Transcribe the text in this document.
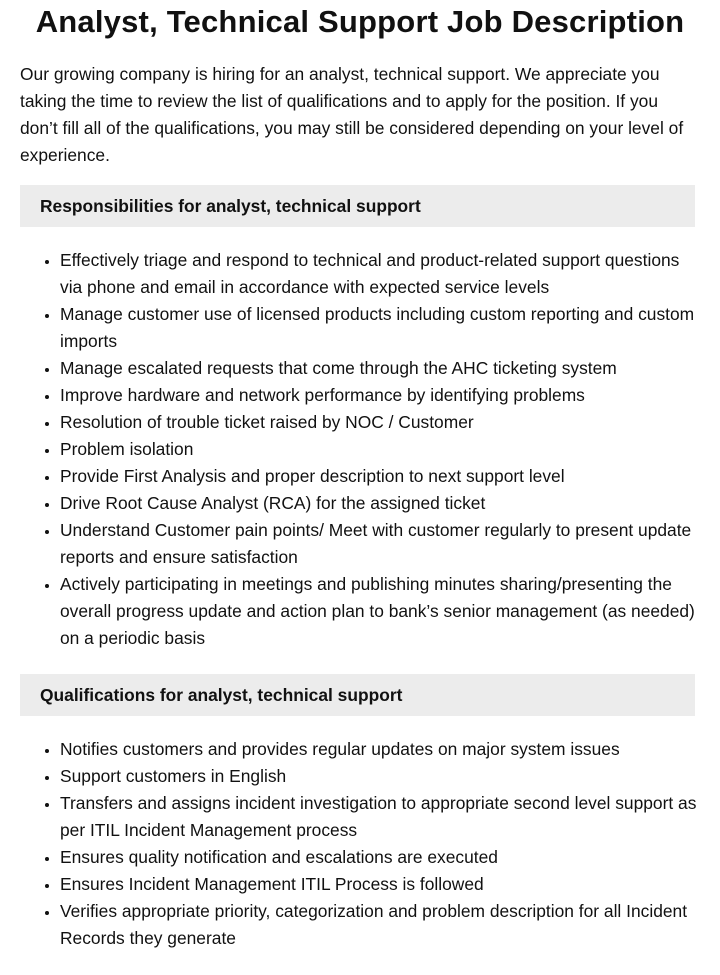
Analyst, Technical Support Job Description

Our growing company is hiring for an analyst, technical support. We appreciate you taking the time to review the list of qualifications and to apply for the position. If you don’t fill all of the qualifications, you may still be considered depending on your level of experience.

Responsibilities for analyst, technical support
• Effectively triage and respond to technical and product-related support questions via phone and email in accordance with expected service levels
• Manage customer use of licensed products including custom reporting and custom imports
• Manage escalated requests that come through the AHC ticketing system
• Improve hardware and network performance by identifying problems
• Resolution of trouble ticket raised by NOC / Customer
• Problem isolation
• Provide First Analysis and proper description to next support level
• Drive Root Cause Analyst (RCA) for the assigned ticket
• Understand Customer pain points/ Meet with customer regularly to present update reports and ensure satisfaction
• Actively participating in meetings and publishing minutes sharing/presenting the overall progress update and action plan to bank’s senior management (as needed) on a periodic basis
Qualifications for analyst, technical support
• Notifies customers and provides regular updates on major system issues
• Support customers in English
• Transfers and assigns incident investigation to appropriate second level support as per ITIL Incident Management process
• Ensures quality notification and escalations are executed
• Ensures Incident Management ITIL Process is followed
• Verifies appropriate priority, categorization and problem description for all Incident Records they generate
